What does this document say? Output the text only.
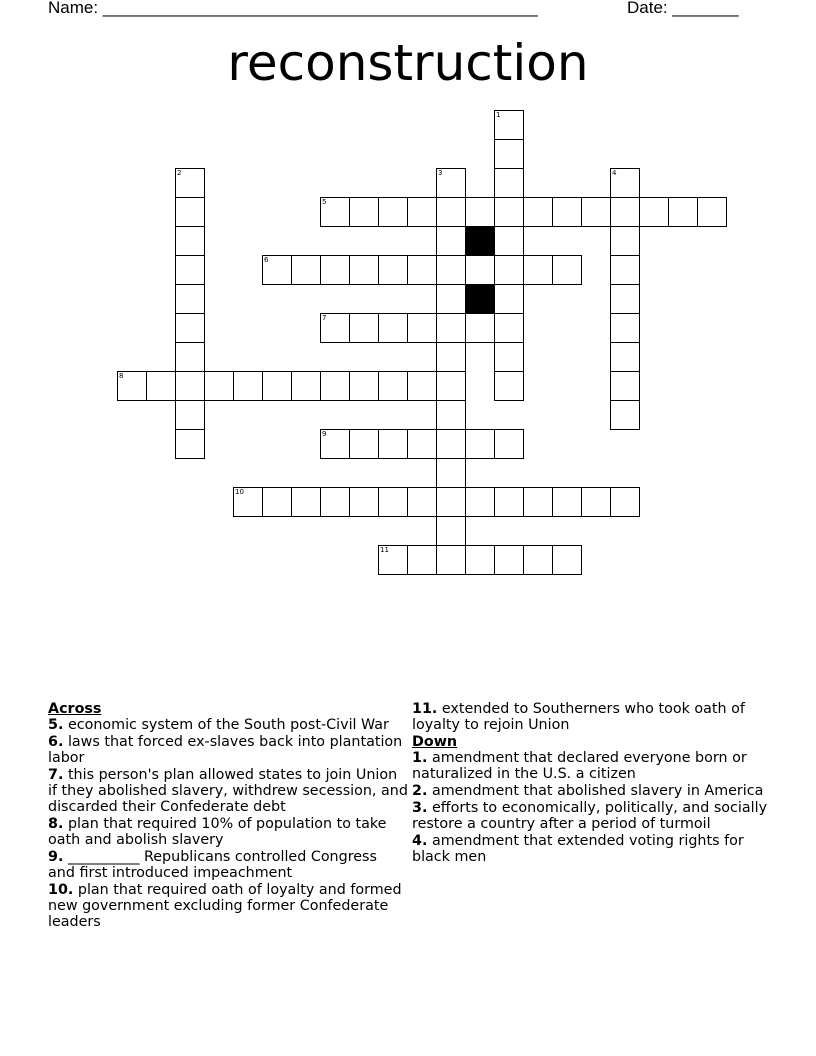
Name: ______________________________________________	Date: _______
reconstruction
5
6
7
8
9
10
11
1
2	3	4
Across
5. economic system of the South post-Civil War
6. laws that forced ex-slaves back into plantation labor
7. this person's plan allowed states to join Union if they abolished slavery, withdrew secession, and discarded their Confederate debt
8. plan that required 10% of population to take oath and abolish slavery
9. __________ Republicans controlled Congress and first introduced impeachment
10. plan that required oath of loyalty and formed new government excluding former Confederate leaders
11. extended to Southerners who took oath of loyalty to rejoin Union
Down
1. amendment that declared everyone born or naturalized in the U.S. a citizen
2. amendment that abolished slavery in America
3. efforts to economically, politically, and socially restore a country after a period of turmoil
4. amendment that extended voting rights for black men
